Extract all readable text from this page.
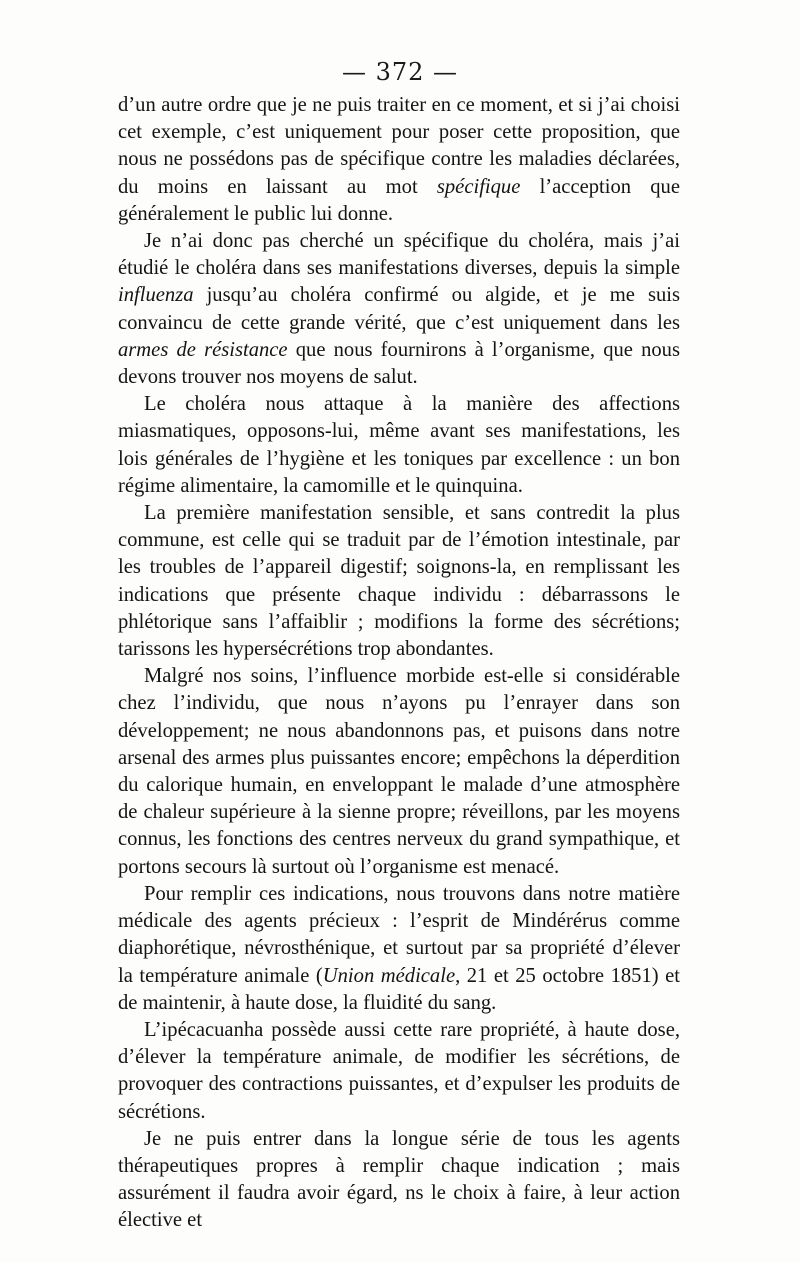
— 372 —

d’un autre ordre que je ne puis traiter en ce moment, et si j’ai choisi cet exemple, c’est uniquement pour poser cette proposition, que nous ne possédons pas de spécifique contre les maladies déclarées, du moins en laissant au mot spécifique l’acception que généralement le public lui donne.

Je n’ai donc pas cherché un spécifique du choléra, mais j’ai étudié le choléra dans ses manifestations diverses, depuis la simple influenza jusqu’au choléra confirmé ou algide, et je me suis convaincu de cette grande vérité, que c’est uniquement dans les armes de résistance que nous fournirons à l’organisme, que nous devons trouver nos moyens de salut.

Le choléra nous attaque à la manière des affections miasmatiques, opposons-lui, même avant ses manifestations, les lois générales de l’hygiène et les toniques par excellence : un bon régime alimentaire, la camomille et le quinquina.

La première manifestation sensible, et sans contredit la plus commune, est celle qui se traduit par de l’émotion intestinale, par les troubles de l’appareil digestif; soignons-la, en remplissant les indications que présente chaque individu : débarrassons le phlétorique sans l’affaiblir ; modifions la forme des sécrétions; tarissons les hypersécrétions trop abondantes.

Malgré nos soins, l’influence morbide est-elle si considérable chez l’individu, que nous n’ayons pu l’enrayer dans son développement; ne nous abandonnons pas, et puisons dans notre arsenal des armes plus puissantes encore; empêchons la déperdition du calorique humain, en enveloppant le malade d’une atmosphère de chaleur supérieure à la sienne propre; réveillons, par les moyens connus, les fonctions des centres nerveux du grand sympathique, et portons secours là surtout où l’organisme est menacé.

Pour remplir ces indications, nous trouvons dans notre matière médicale des agents précieux : l’esprit de Mindérérus comme diaphorétique, névrosthénique, et surtout par sa propriété d’élever la température animale (Union médicale, 21 et 25 octobre 1851) et de maintenir, à haute dose, la fluidité du sang.

L’ipécacuanha possède aussi cette rare propriété, à haute dose, d’élever la température animale, de modifier les sécrétions, de provoquer des contractions puissantes, et d’expulser les produits de sécrétions.

Je ne puis entrer dans la longue série de tous les agents thérapeutiques propres à remplir chaque indication ; mais assurément il faudra avoir égard, ns le choix à faire, à leur action élective et
